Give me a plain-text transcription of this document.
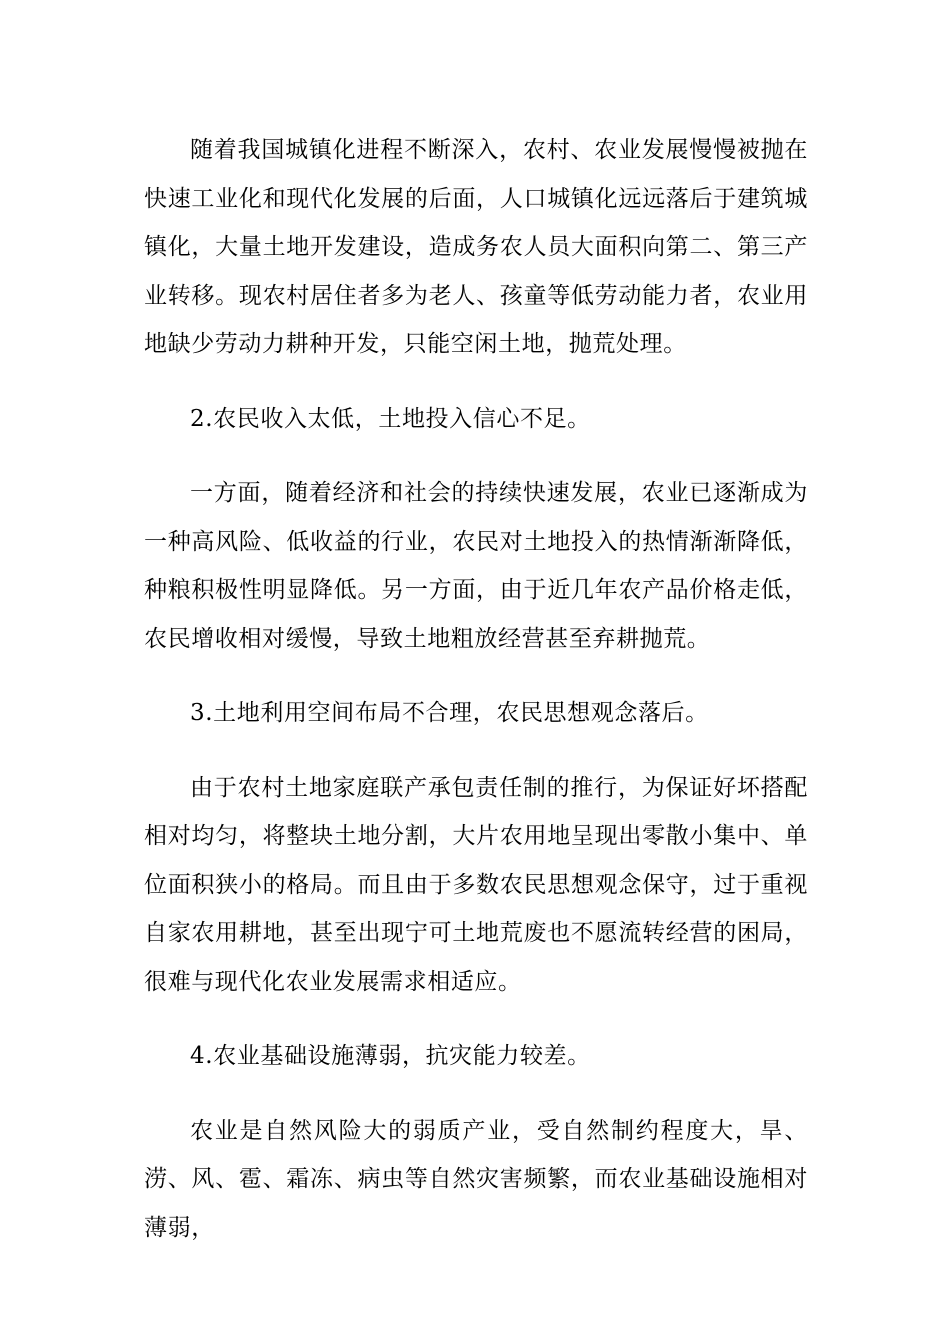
随着我国城镇化进程不断深入，农村、农业发展慢慢被抛在快速工业化和现代化发展的后面，人口城镇化远远落后于建筑城镇化，大量土地开发建设，造成务农人员大面积向第二、第三产业转移。现农村居住者多为老人、孩童等低劳动能力者，农业用地缺少劳动力耕种开发，只能空闲土地，抛荒处理。

2.农民收入太低，土地投入信心不足。

一方面，随着经济和社会的持续快速发展，农业已逐渐成为一种高风险、低收益的行业，农民对土地投入的热情渐渐降低，种粮积极性明显降低。另一方面，由于近几年农产品价格走低，农民增收相对缓慢，导致土地粗放经营甚至弃耕抛荒。

3.土地利用空间布局不合理，农民思想观念落后。

由于农村土地家庭联产承包责任制的推行，为保证好坏搭配相对均匀，将整块土地分割，大片农用地呈现出零散小集中、单位面积狭小的格局。而且由于多数农民思想观念保守，过于重视自家农用耕地，甚至出现宁可土地荒废也不愿流转经营的困局，很难与现代化农业发展需求相适应。

4.农业基础设施薄弱，抗灾能力较差。

农业是自然风险大的弱质产业，受自然制约程度大，旱、涝、风、雹、霜冻、病虫等自然灾害频繁，而农业基础设施相对薄弱，
